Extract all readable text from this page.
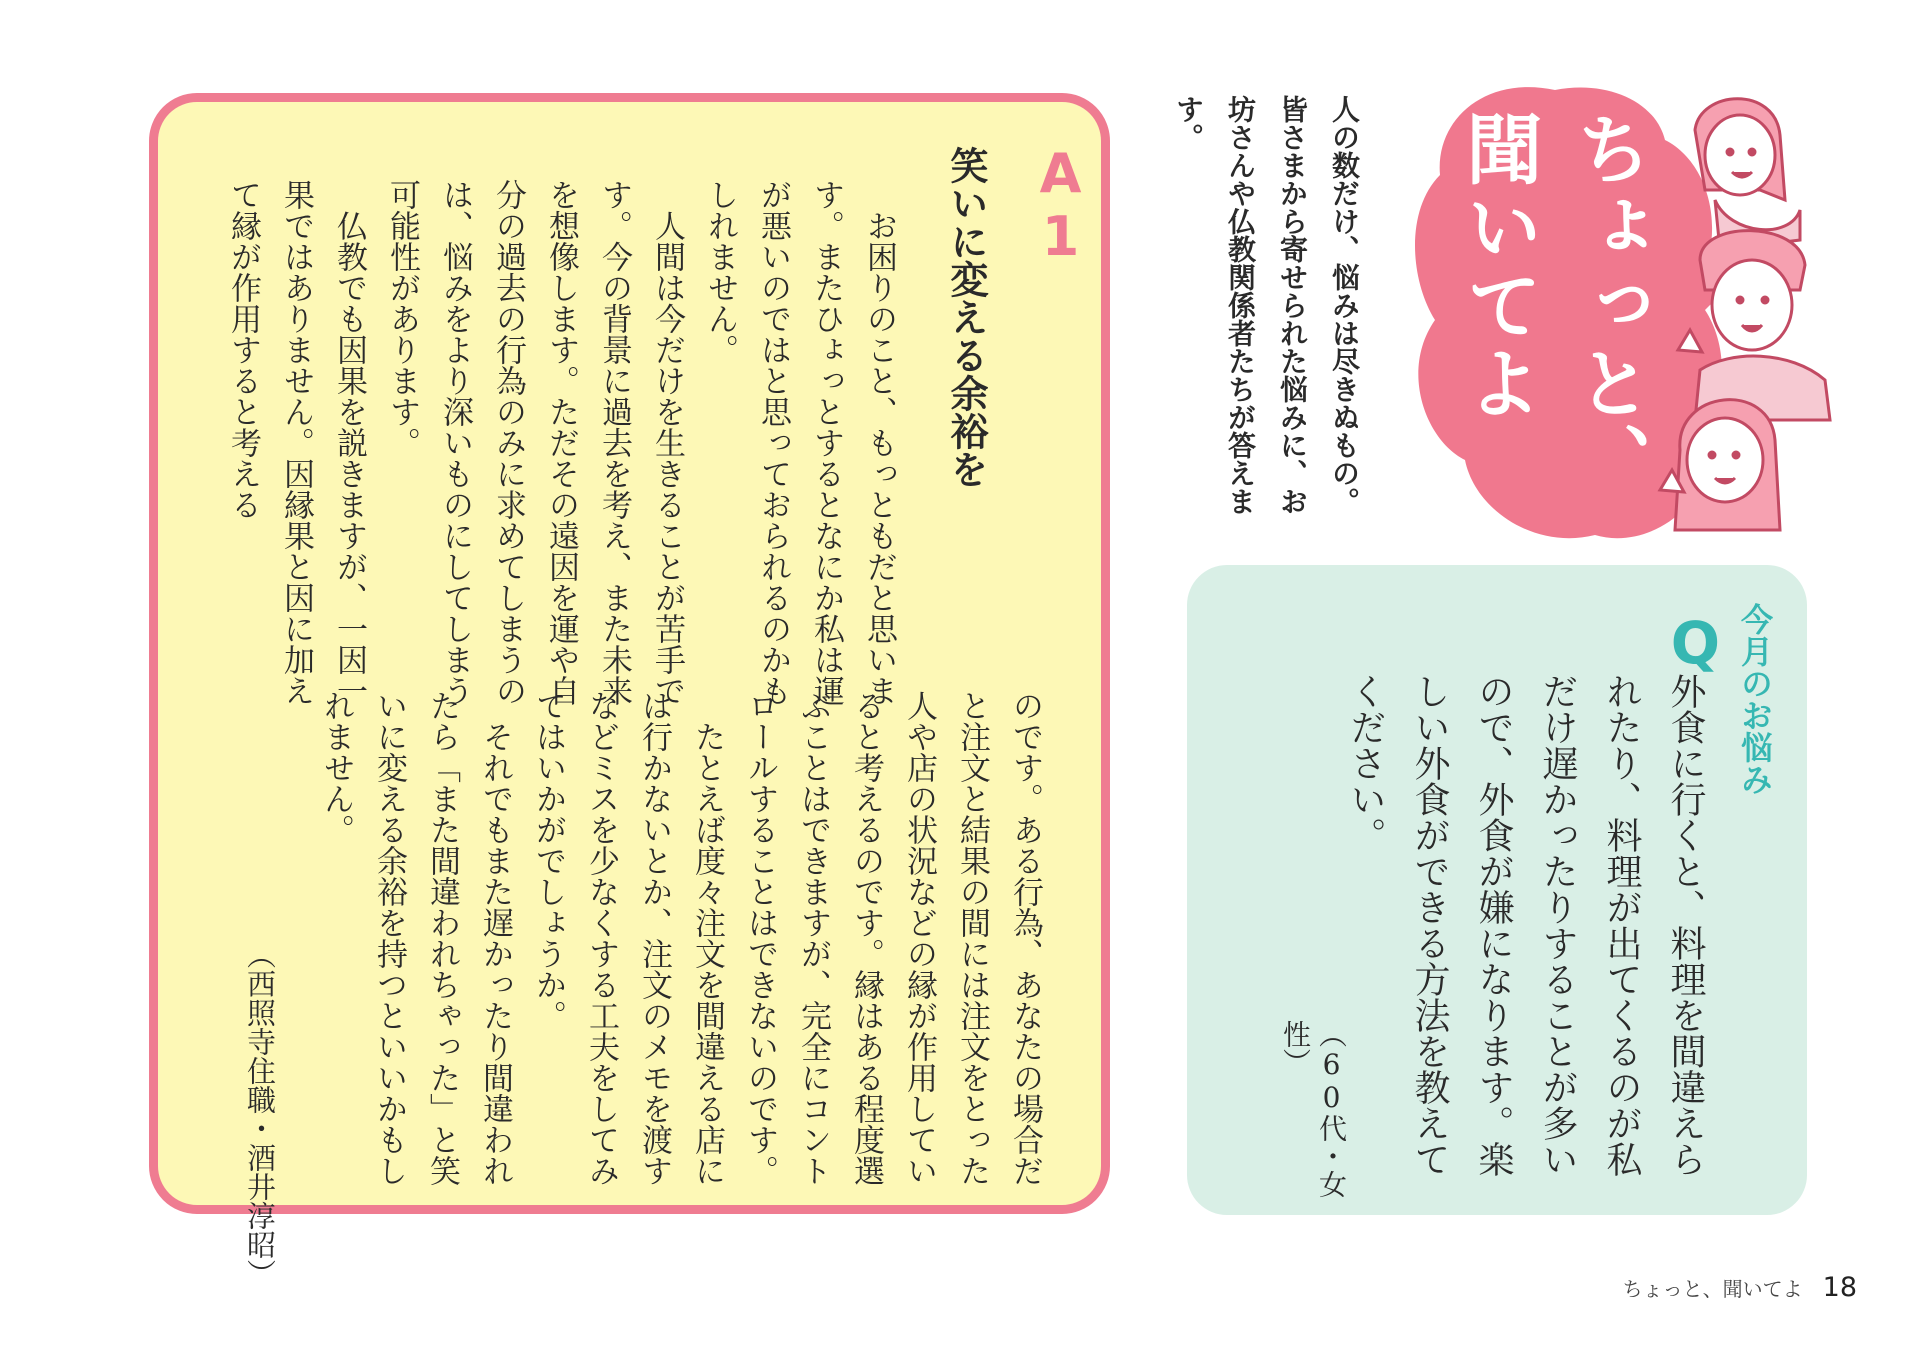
ちょっと、
聞いてよ
人の数だけ、悩みは尽きぬもの。皆さまから寄せられた悩みに、お坊さんや仏教関係者たちが答えます。
今月のお悩み
Q
外食に行くと、料理を間違えられたり、料理が出てくるのが私だけ遅かったりすることが多いので、外食が嫌になります。楽しい外食ができる方法を教えてください。
（60代・女性）
A1
笑いに変える余裕を

お困りのこと、もっともだと思います。またひょっとするとなにか私は運が悪いのではと思っておられるのかもしれません。

人間は今だけを生きることが苦手です。今の背景に過去を考え、また未来を想像します。ただその遠因を運や自分の過去の行為のみに求めてしまうのは、悩みをより深いものにしてしまう可能性があります。

仏教でも因果を説きますが、一因一果ではありません。因縁果と因に加えて縁が作用すると考える

のです。ある行為、あなたの場合だと注文と結果の間には注文をとった人や店の状況などの縁が作用していると考えるのです。縁はある程度選ぶことはできますが、完全にコントロールすることはできないのです。

たとえば度々注文を間違える店には行かないとか、注文のメモを渡すなどミスを少なくする工夫をしてみてはいかがでしょうか。

それでもまた遅かったり間違われたら「また間違われちゃった」と笑いに変える余裕を持つといいかもしれません。

（西照寺住職・酒井淳昭）
ちょっと、聞いてよ 18
